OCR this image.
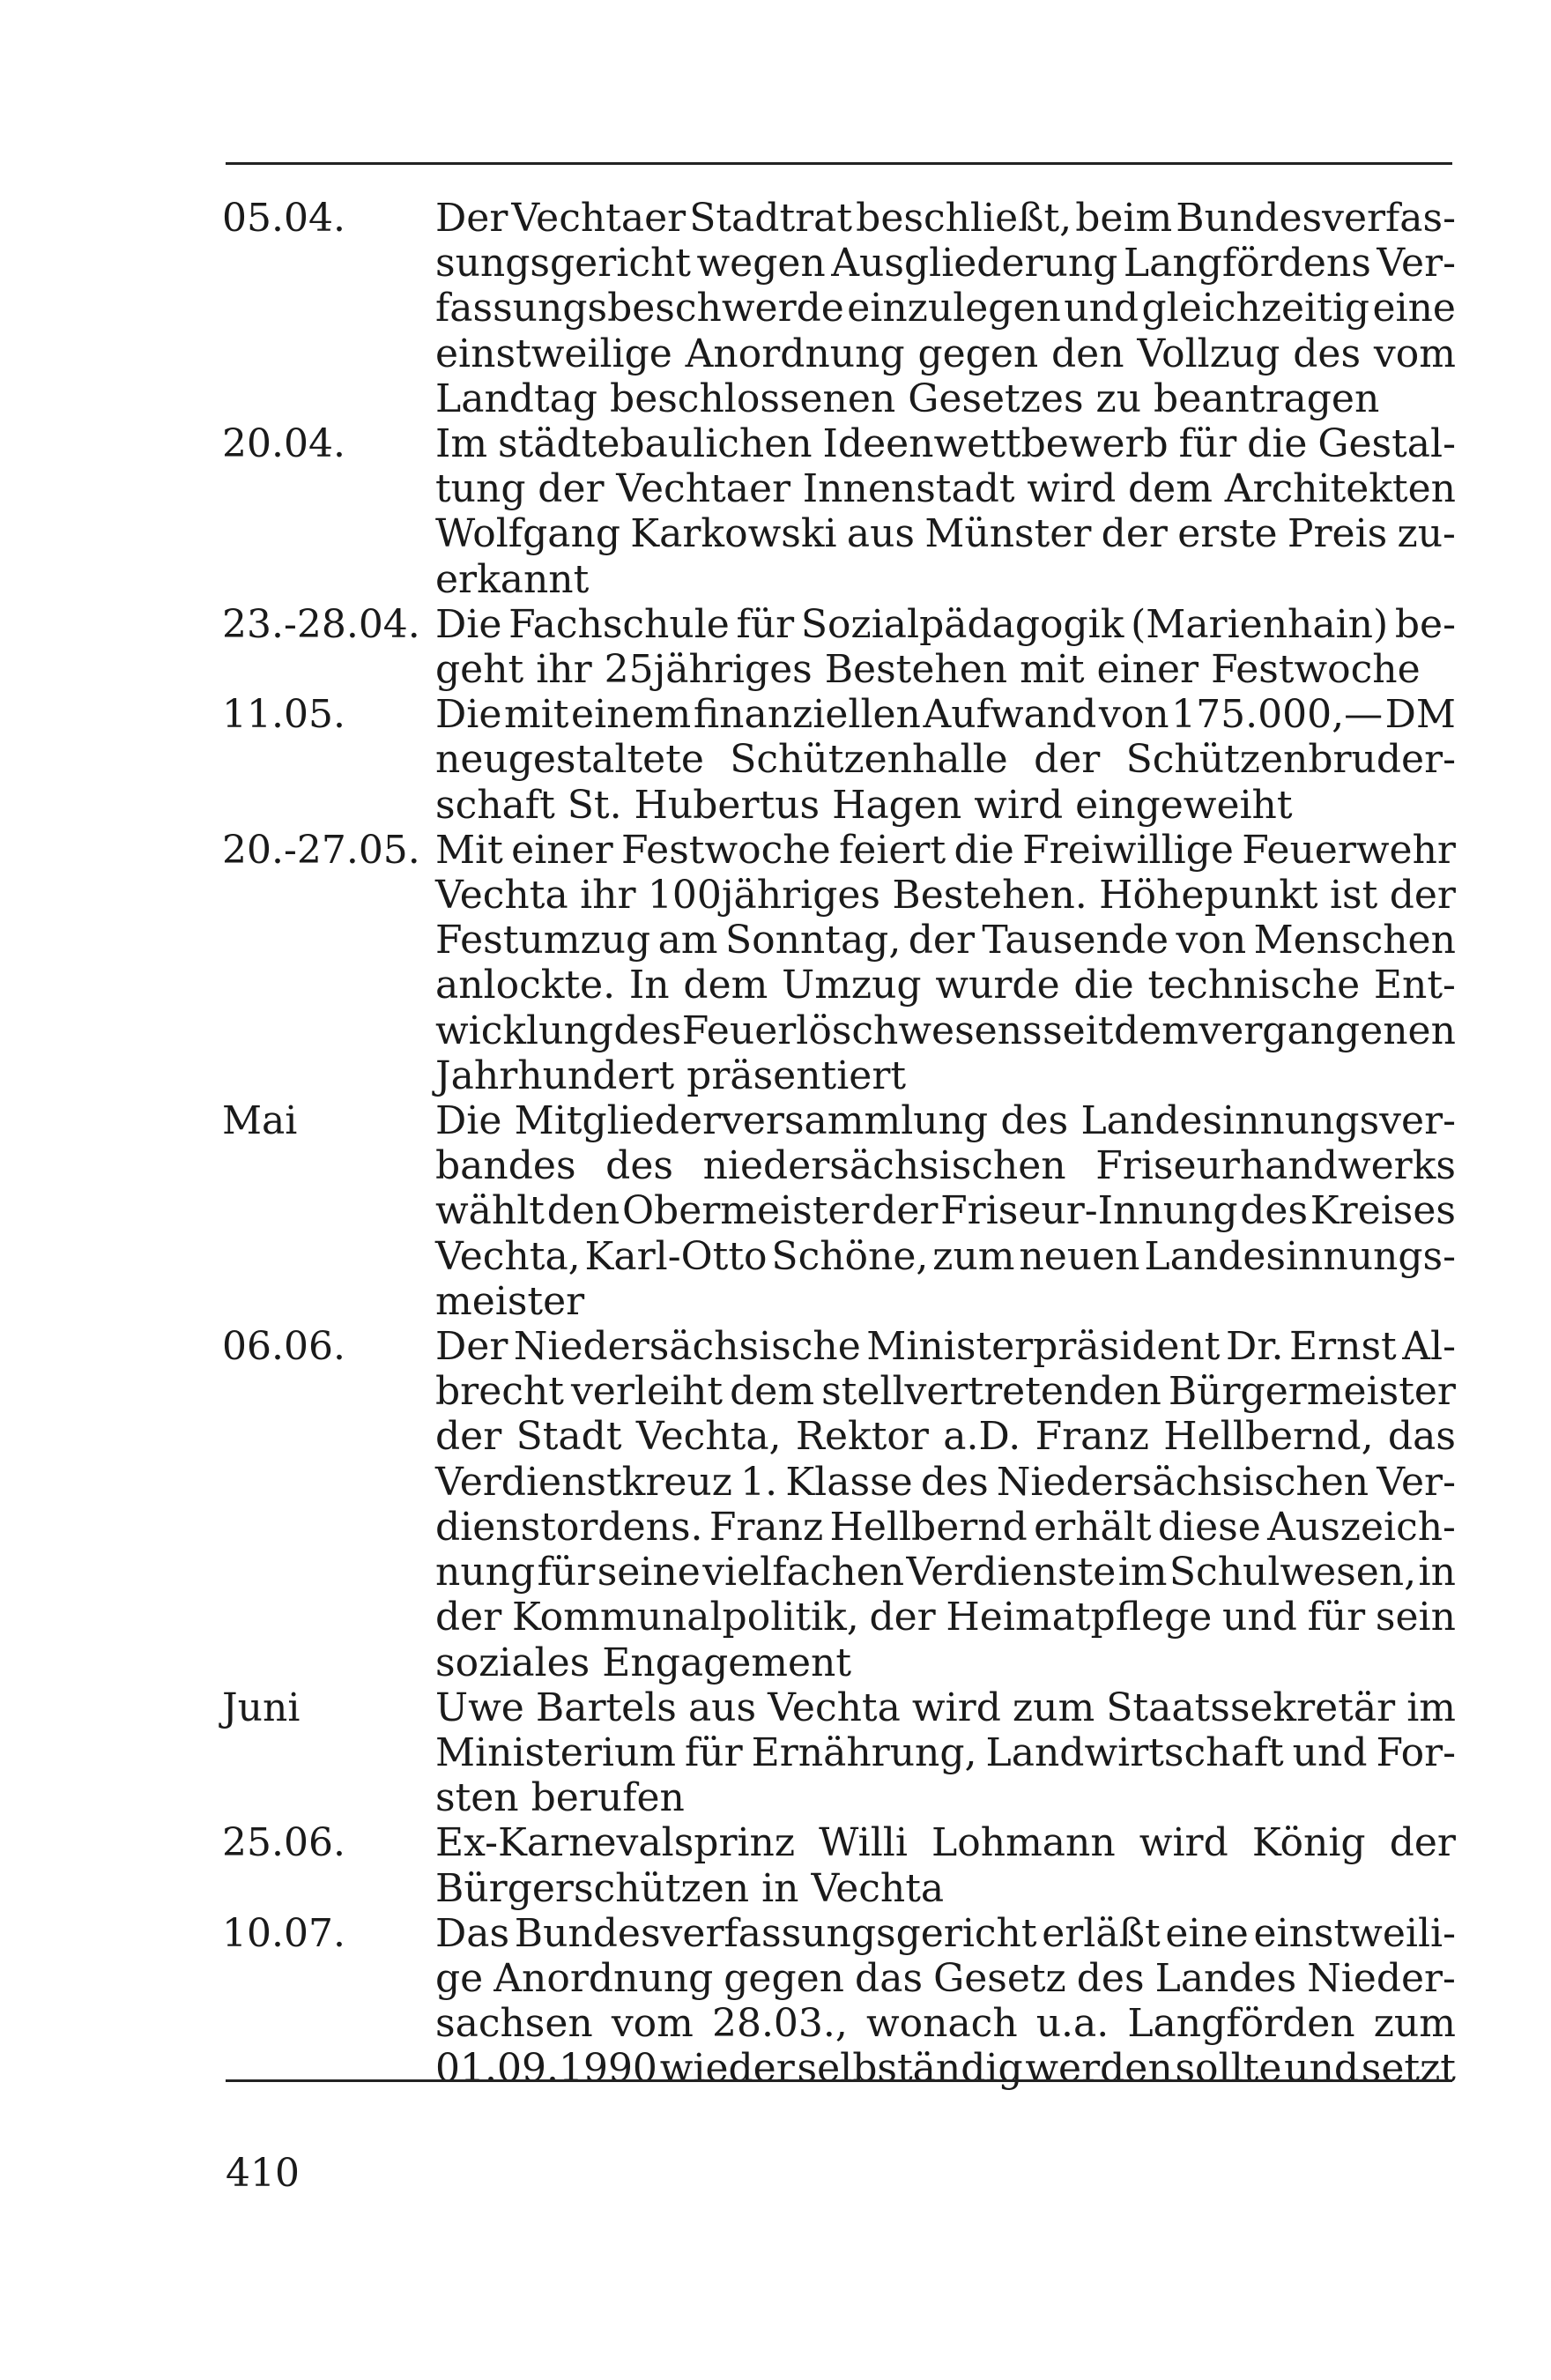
05.04.	Der Vechtaer Stadtrat beschließt, beim Bundesverfas-
sungsgericht wegen Ausgliederung Langfördens Ver-
fassungsbeschwerde einzulegen und gleichzeitig eine
einstweilige Anordnung gegen den Vollzug des vom
Landtag beschlossenen Gesetzes zu beantragen
20.04.	Im städtebaulichen Ideenwettbewerb für die Gestal-
tung der Vechtaer Innenstadt wird dem Architekten
Wolfgang Karkowski aus Münster der erste Preis zu-
erkannt
23.-28.04. Die Fachschule für Sozialpädagogik (Marienhain) be-
geht ihr 25jähriges Bestehen mit einer Festwoche
11.05.	Die mit einem finanziellen Aufwand von 175.000,— DM
neugestaltete Schützenhalle der Schützenbruder-
schaft St. Hubertus Hagen wird eingeweiht
20.-27.05. Mit einer Festwoche feiert die Freiwillige Feuerwehr
Vechta ihr 100jähriges Bestehen. Höhepunkt ist der
Festumzug am Sonntag, der Tausende von Menschen
anlockte. In dem Umzug wurde die technische Ent-
wicklung des Feuerlöschwesens seit dem vergangenen
Jahrhundert präsentiert
Mai	Die Mitgliederversammlung des Landesinnungsver-
bandes des niedersächsischen Friseurhandwerks
wählt den Obermeister der Friseur-Innung des Kreises
Vechta, Karl-Otto Schöne, zum neuen Landesinnungs-
meister
06.06.	Der Niedersächsische Ministerpräsident Dr. Ernst Al-
brecht verleiht dem stellvertretenden Bürgermeister
der Stadt Vechta, Rektor a.D. Franz Hellbernd, das
Verdienstkreuz 1. Klasse des Niedersächsischen Ver-
dienstordens. Franz Hellbernd erhält diese Auszeich-
nung für seine vielfachen Verdienste im Schulwesen, in
der Kommunalpolitik, der Heimatpflege und für sein
soziales Engagement
Juni	Uwe Bartels aus Vechta wird zum Staatssekretär im
Ministerium für Ernährung, Landwirtschaft und For-
sten berufen
25.06.	Ex-Karnevalsprinz Willi Lohmann wird König der
Bürgerschützen in Vechta
10.07.	Das Bundesverfassungsgericht erläßt eine einstweili-
ge Anordnung gegen das Gesetz des Landes Nieder-
sachsen vom 28.03., wonach u.a. Langförden zum
01.09.1990 wieder selbständig werden sollte und setzt
410
